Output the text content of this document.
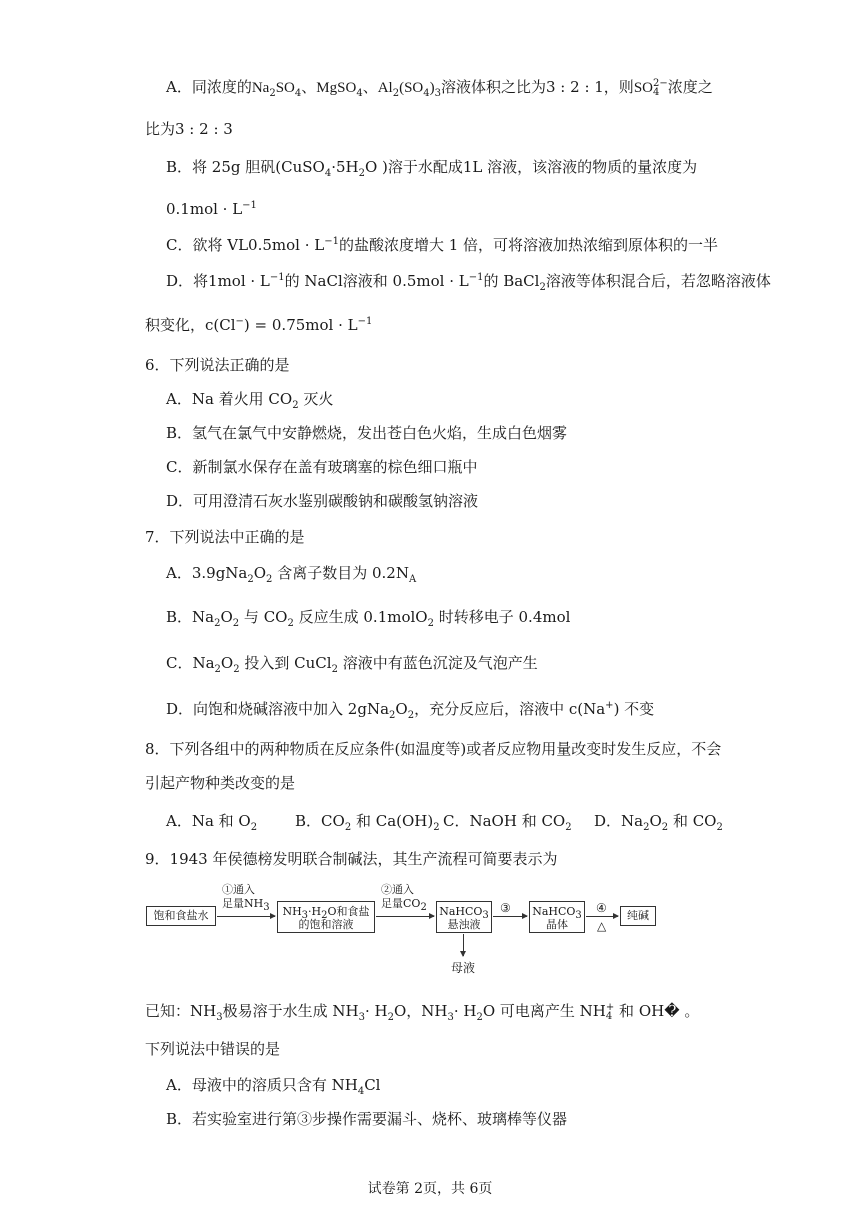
A．同浓度的$Na_2SO_4$、MgSO$_4$、$Al_2(SO_4)_3$溶液体积之比为3 : 2 : 1，则SO 2−
4 浓度之
比为3 : 2 : 3
B．将 25g 胆矾($CuSO_4\cdot 5H_2O$ )溶于水配成1L 溶液，该溶液的物质的量浓度为
$0.1mol \cdot L^{-1}$
C．欲将 $VL0.5mol \cdot L^{-1}$的盐酸浓度增大 1 倍，可将溶液加热浓缩到原体积的一半
D．将$1mol \cdot L^{-1}$的 NaCl溶液和 $0.5mol \cdot L^{-1}$的 BaCl$_2$溶液等体积混合后，若忽略溶液体
积变化，$c(Cl^-) = 0.75mol \cdot L^{-1}$
6．下列说法正确的是
A．Na 着火用 $CO_2$ 灭火
B．氢气在氯气中安静燃烧，发出苍白色火焰，生成白色烟雾
C．新制氯水保存在盖有玻璃塞的棕色细口瓶中
D．可用澄清石灰水鉴别碳酸钠和碳酸氢钠溶液
7．下列说法中正确的是
A．$3.9gNa_2O_2$ 含离子数目为 $0.2N_A$
B．$Na_2O_2$ 与 $CO_2$ 反应生成 0.1molO$_2$ 时转移电子 0.4mol
C．$Na_2O_2$ 投入到 CuCl$_2$ 溶液中有蓝色沉淀及气泡产生
D．向饱和烧碱溶液中加入 $2gNa_2O_2$，充分反应后，溶液中 c(Na+) 不变
8．下列各组中的两种物质在反应条件(如温度等)或者反应物用量改变时发生反应，不会
引起产物种类改变的是
A．Na 和 $O_2$	B．$CO_2$ 和 $Ca(OH)_2$ C．NaOH 和 $CO_2$ D．$Na_2O_2$ 和 $CO_2$
9．1943 年侯德榜发明联合制碱法，其生产流程可简要表示为
饱和食盐水
①通入
足量$NH_3$	$NH_3\cdot H_2O$和食盐
的饱和溶液
②通入
足量$CO_2$ NaHCO$_3$
悬浊液
③ NaHCO$_3$
晶体
④
△
纯碱
母液
已知：$NH_3$极易溶于水生成 $NH_3\cdot H_2O$，$NH_3\cdot H_2O$ 可电离产生 NH +
4 和 OH� 。
下列说法中错误的是
A．母液中的溶质只含有 $NH_4Cl$
B．若实验室进行第③步操作需要漏斗、烧杯、玻璃棒等仪器
试卷第 2页，共 6页
